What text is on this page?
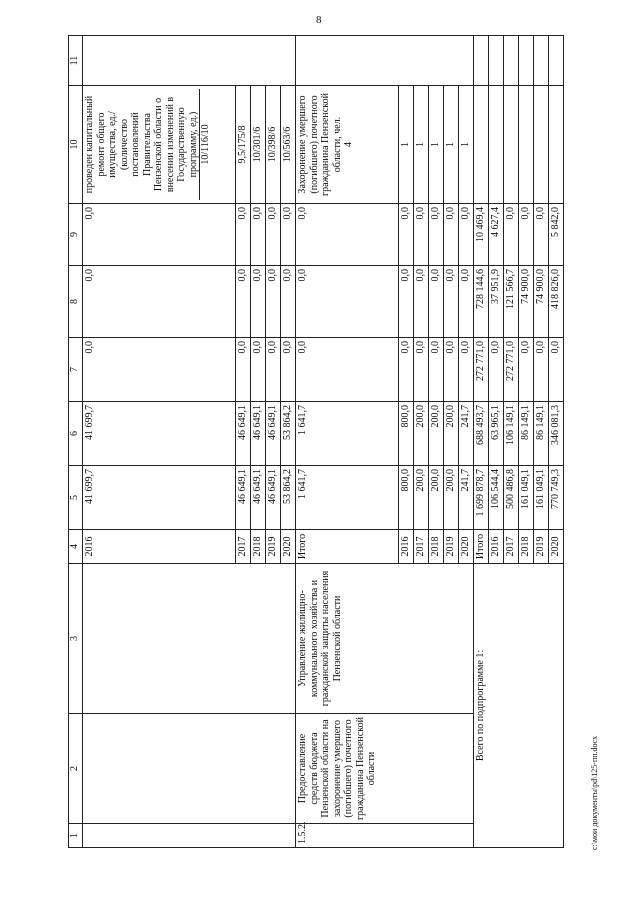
8
1	2	3	4	5	6	7	8	9	10	11
			2016	41 699,7	41 699,7	0,0	0,0	0,0	проведен капитальный ремонт общего имущества, ед./ (количество постановлений Правительства Пензенской области о внесении изменений в Государственную программу, ед.) 10/116/10	

			2017	46 649,1	46 649,1	0,0	0,0	0,0	9,5/175/8	
			2018	46 649,1	46 649,1	0,0	0,0	0,0	10/301/6	
			2019	46 649,1	46 649,1	0,0	0,0	0,0	10/398/6	
			2020	53 864,2	53 864,2	0,0	0,0	0,0	10/563/6	
1.5.2.	Предоставление средств бюджета Пензенской области на захоронение умершего (погибшего) почетного гражданина Пензенской области	Управление жилищно-коммунального хозяйства и гражданской защиты населения Пензенской области	Итого	1 641,7	1 641,7	0,0	0,0	0,0	Захоронение умершего (погибшего) почетного гражданина Пензенской области, чел. 4	

			2016	800,0	800,0	0,0	0,0	0,0	1	
			2017	200,0	200,0	0,0	0,0	0,0	1	
			2018	200,0	200,0	0,0	0,0	0,0	1	
			2019	200,0	200,0	0,0	0,0	0,0	1	
			2020	241,7	241,7	0,0	0,0	0,0	1	
Всего по подпрограмме 1:			Итого	1 699 878,7	688 493,7	272 771,0	728 144,6	10 469,4		
			2016	106 544,4	63 965,1	0,0	37 951,9	4 627,4		
			2017	500 486,8	106 149,1	272 771,0	121 566,7	0,0		
			2018	161 049,1	86 149,1	0,0	74 900,0	0,0		
			2019	161 049,1	86 149,1	0,0	74 900,0	0,0		
			2020	770 749,3	346 081,3	0,0	418 826,0	5 842,0		
c:\мои документы\pd\125-пп.docx
